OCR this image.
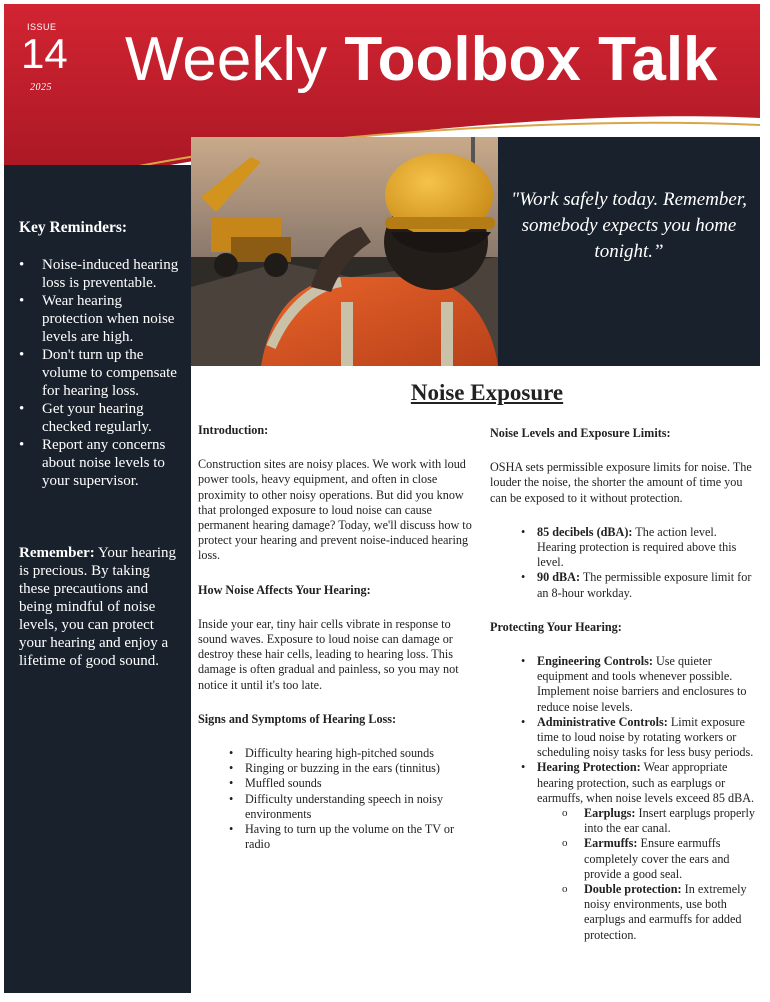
ISSUE
14
2025 Weekly Toolbox Talk
Key Reminders:
• Noise-induced hearing loss is preventable.
• Wear hearing protection when noise levels are high.
• Don't turn up the volume to compensate for hearing loss.
• Get your hearing checked regularly.
• Report any concerns about noise levels to your supervisor.
Remember: Your hearing is precious. By taking these precautions and being mindful of noise levels, you can protect your hearing and enjoy a lifetime of good sound.
"Work safely today. Remember, somebody expects you home tonight.”
Noise Exposure
Introduction:

Construction sites are noisy places. We work with loud power tools, heavy equipment, and often in close proximity to other noisy operations. But did you know that prolonged exposure to loud noise can cause permanent hearing damage? Today, we'll discuss how to protect your hearing and prevent noise-induced hearing loss.

How Noise Affects Your Hearing:

Inside your ear, tiny hair cells vibrate in response to sound waves. Exposure to loud noise can damage or destroy these hair cells, leading to hearing loss. This damage is often gradual and painless, so you may not notice it until it's too late.

Signs and Symptoms of Hearing Loss:
• Difficulty hearing high-pitched sounds
• Ringing or buzzing in the ears (tinnitus)
• Muffled sounds
• Difficulty understanding speech in noisy environments
• Having to turn up the volume on the TV or radio
Noise Levels and Exposure Limits:

OSHA sets permissible exposure limits for noise. The louder the noise, the shorter the amount of time you can be exposed to it without protection.

• 85 decibels (dBA): The action level. Hearing protection is required above this level.
• 90 dBA: The permissible exposure limit for an 8-hour workday.
Protecting Your Hearing:
• Engineering Controls: Use quieter equipment and tools whenever possible. Implement noise barriers and enclosures to reduce noise levels.
• Administrative Controls: Limit exposure time to loud noise by rotating workers or scheduling noisy tasks for less busy periods.
• Hearing Protection: Wear appropriate hearing protection, such as earplugs or earmuffs, when noise levels exceed 85 dBA.
o Earplugs: Insert earplugs properly into the ear canal.
o Earmuffs: Ensure earmuffs completely cover the ears and provide a good seal.
o Double protection: In extremely noisy environments, use both earplugs and earmuffs for added protection.
